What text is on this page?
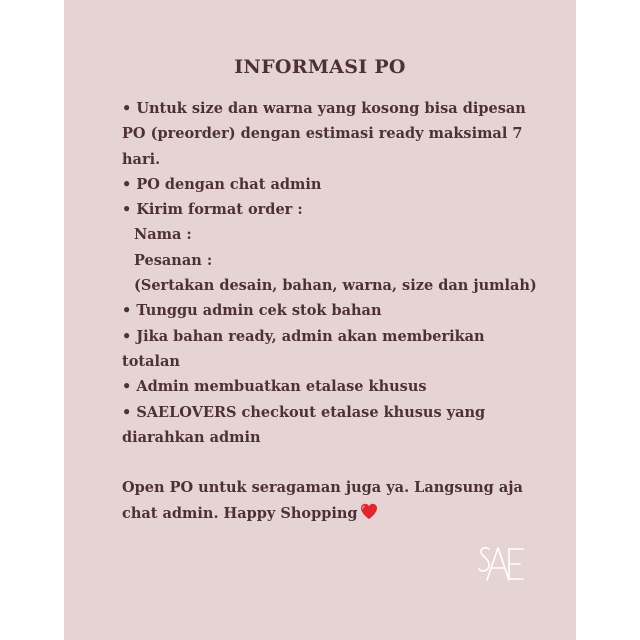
INFORMASI PO
• Untuk size dan warna yang kosong bisa dipesan
PO (preorder) dengan estimasi ready maksimal 7
hari.
• PO dengan chat admin
• Kirim format order :
Nama :
Pesanan :
(Sertakan desain, bahan, warna, size dan jumlah)
• Tunggu admin cek stok bahan
• Jika bahan ready, admin akan memberikan
totalan
• Admin membuatkan etalase khusus
• SAELOVERS checkout etalase khusus yang
diarahkan admin
Open PO untuk seragaman juga ya. Langsung aja
chat admin. Happy Shopping
